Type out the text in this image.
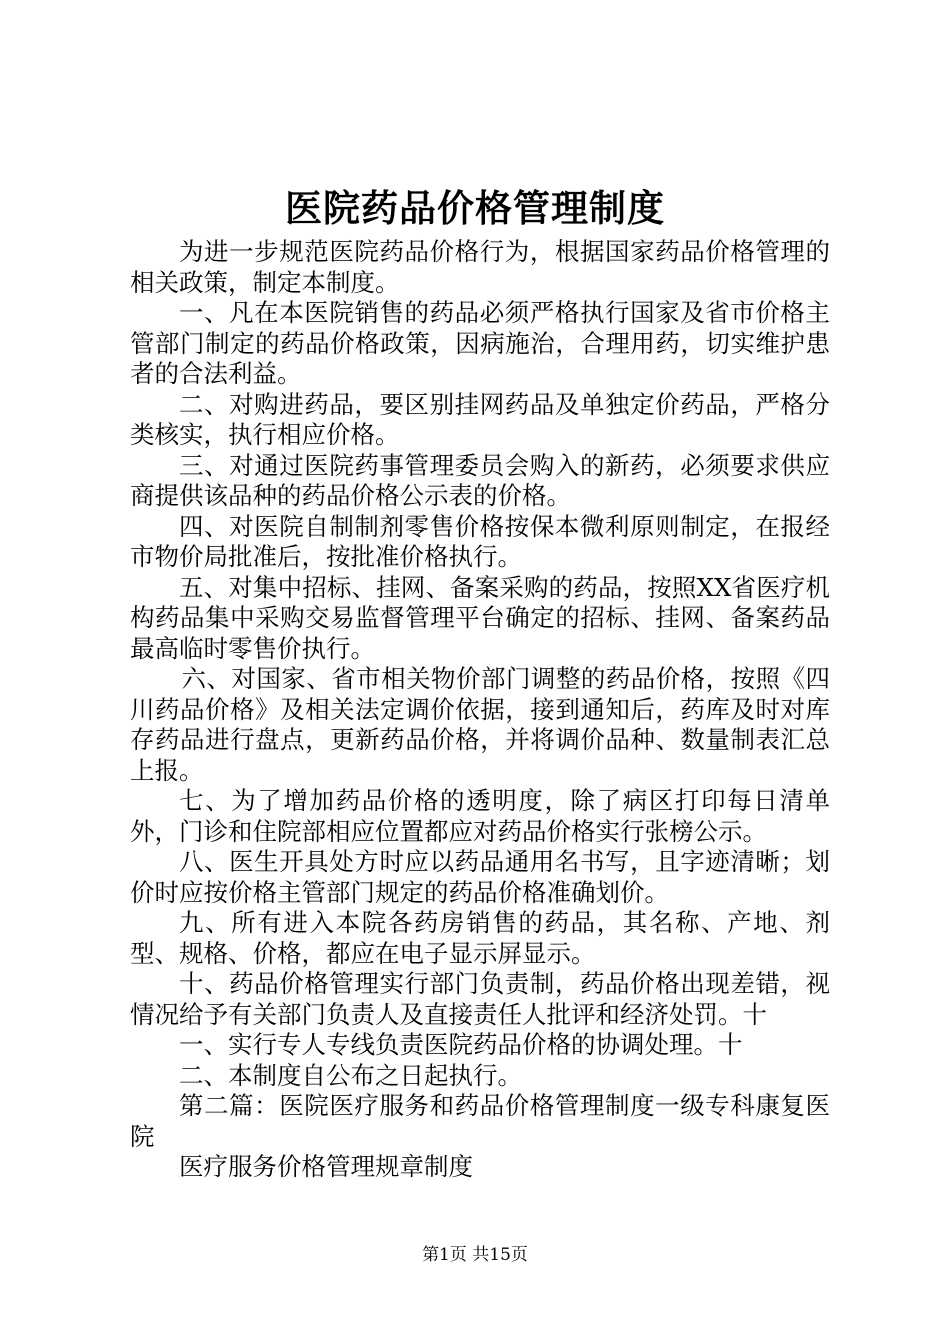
医院药品价格管理制度

为进一步规范医院药品价格行为，根据国家药品价格管理的相关政策，制定本制度。

一、凡在本医院销售的药品必须严格执行国家及省市价格主管部门制定的药品价格政策，因病施治，合理用药，切实维护患者的合法利益。

二、对购进药品，要区别挂网药品及单独定价药品，严格分类核实，执行相应价格。

三、对通过医院药事管理委员会购入的新药，必须要求供应商提供该品种的药品价格公示表的价格。

四、对医院自制制剂零售价格按保本微利原则制定，在报经市物价局批准后，按批准价格执行。

五、对集中招标、挂网、备案采购的药品，按照XX省医疗机构药品集中采购交易监督管理平台确定的招标、挂网、备案药品最高临时零售价执行。

六、对国家、省市相关物价部门调整的药品价格，按照《四川药品价格》及相关法定调价依据，接到通知后，药库及时对库存药品进行盘点，更新药品价格，并将调价品种、数量制表汇总上报。

七、为了增加药品价格的透明度，除了病区打印每日清单外，门诊和住院部相应位置都应对药品价格实行张榜公示。

八、医生开具处方时应以药品通用名书写，且字迹清晰；划价时应按价格主管部门规定的药品价格准确划价。

九、所有进入本院各药房销售的药品，其名称、产地、剂型、规格、价格，都应在电子显示屏显示。

十、药品价格管理实行部门负责制，药品价格出现差错，视情况给予有关部门负责人及直接责任人批评和经济处罚。十

一、实行专人专线负责医院药品价格的协调处理。十

二、本制度自公布之日起执行。

第二篇：医院医疗服务和药品价格管理制度一级专科康复医院

医疗服务价格管理规章制度

第1页 共15页
